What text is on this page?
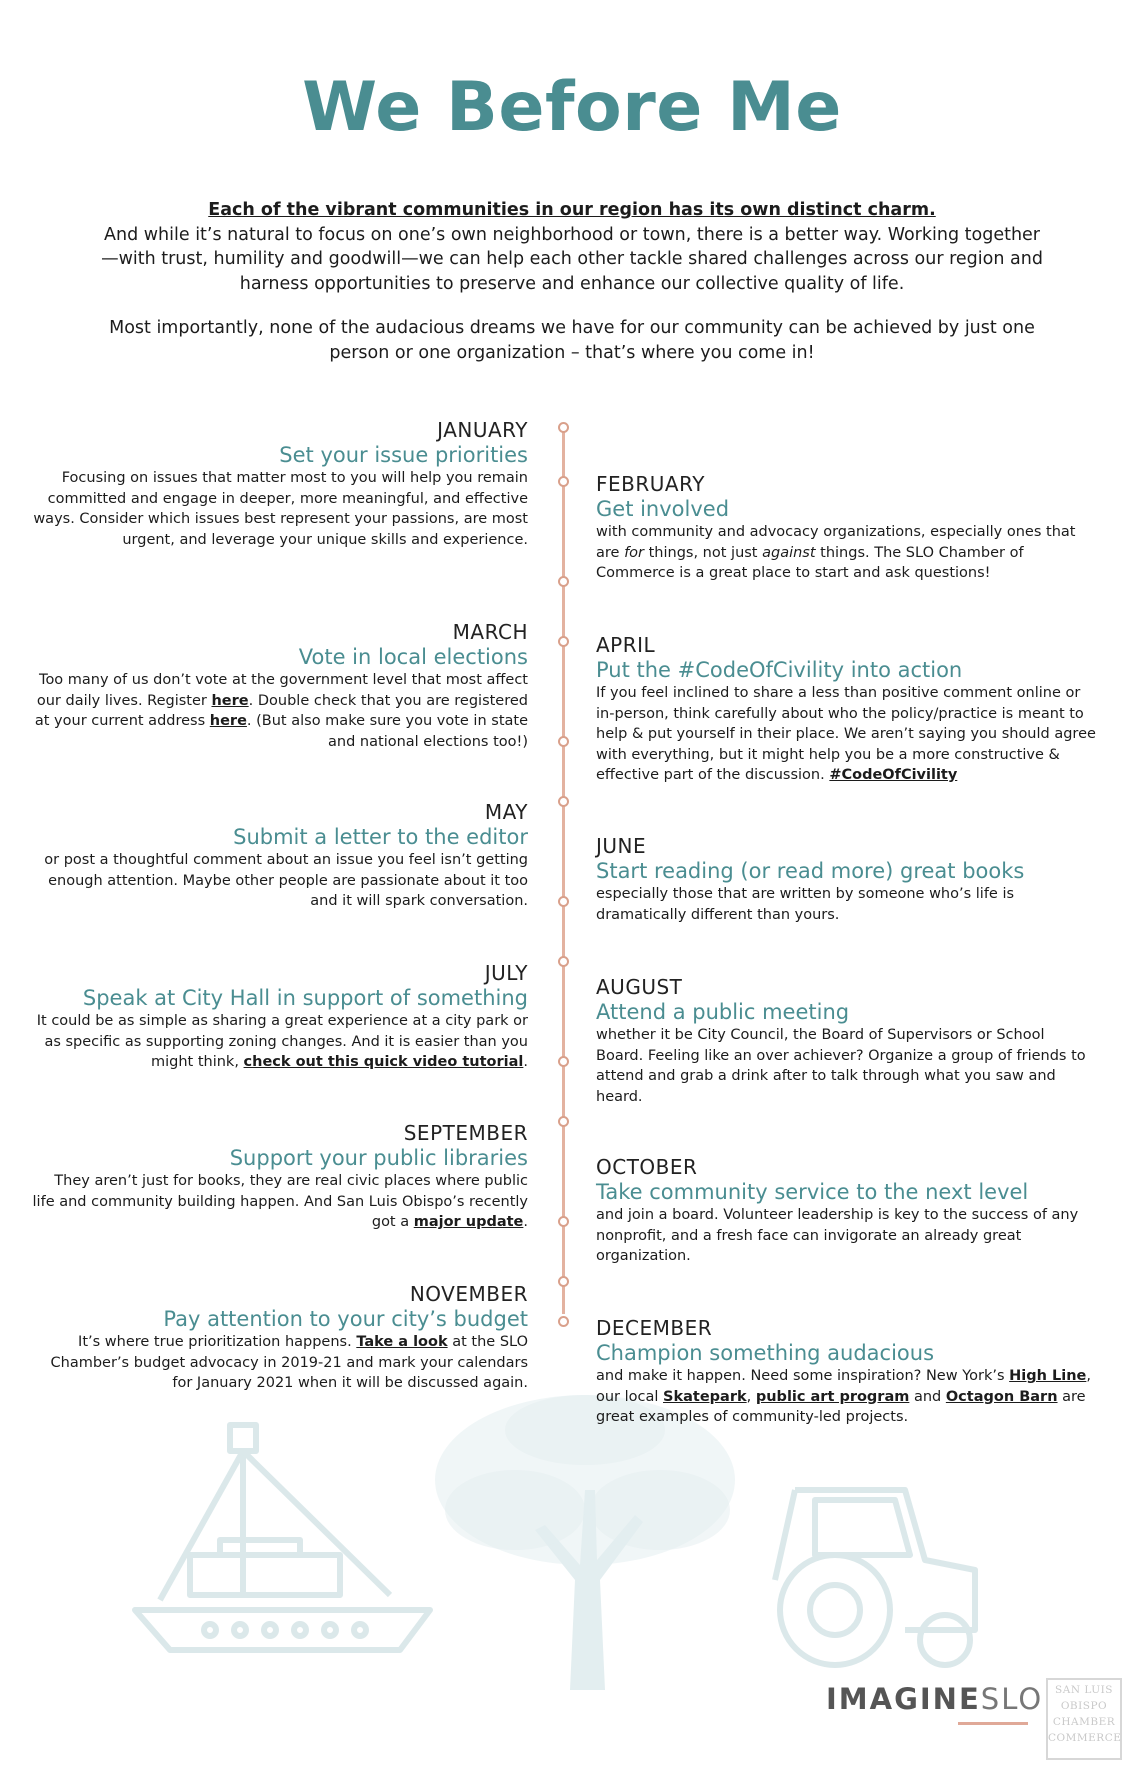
We Before Me

Each of the vibrant communities in our region has its own distinct charm.

And while it’s natural to focus on one’s own neighborhood or town, there is a better way. Working together—with trust, humility and goodwill—we can help each other tackle shared challenges across our region and harness opportunities to preserve and enhance our collective quality of life.

Most importantly, none of the audacious dreams we have for our community can be achieved by just one person or one organization – that’s where you come in!

JANUARY

Set your issue priorities

Focusing on issues that matter most to you will help you remain committed and engage in deeper, more meaningful, and effective ways. Consider which issues best represent your passions, are most urgent, and leverage your unique skills and experience.

FEBRUARY

Get involved

with community and advocacy organizations, especially ones that are for things, not just against things. The SLO Chamber of Commerce is a great place to start and ask questions!

MARCH

Vote in local elections

Too many of us don’t vote at the government level that most affect our daily lives. Register here. Double check that you are registered at your current address here. (But also make sure you vote in state and national elections too!)

APRIL

Put the #CodeOfCivility into action

If you feel inclined to share a less than positive comment online or in-person, think carefully about who the policy/practice is meant to help & put yourself in their place. We aren’t saying you should agree with everything, but it might help you be a more constructive & effective part of the discussion. #CodeOfCivility

MAY

Submit a letter to the editor

or post a thoughtful comment about an issue you feel isn’t getting enough attention. Maybe other people are passionate about it too and it will spark conversation.

JUNE

Start reading (or read more) great books

especially those that are written by someone who’s life is dramatically different than yours.

JULY

Speak at City Hall in support of something

It could be as simple as sharing a great experience at a city park or as specific as supporting zoning changes. And it is easier than you might think, check out this quick video tutorial.

AUGUST

Attend a public meeting

whether it be City Council, the Board of Supervisors or School Board. Feeling like an over achiever? Organize a group of friends to attend and grab a drink after to talk through what you saw and heard.

SEPTEMBER

Support your public libraries

They aren’t just for books, they are real civic places where public life and community building happen. And San Luis Obispo’s recently got a major update.

OCTOBER

Take community service to the next level

and join a board. Volunteer leadership is key to the success of any nonprofit, and a fresh face can invigorate an already great organization.

NOVEMBER

Pay attention to your city’s budget

It’s where true prioritization happens. Take a look at the SLO Chamber’s budget advocacy in 2019-21 and mark your calendars for January 2021 when it will be discussed again.

DECEMBER

Champion something audacious

and make it happen. Need some inspiration? New York’s High Line, our local Skatepark, public art program and Octagon Barn are great examples of community-led projects.

IMAGINESLO	SAN LUIS
OBISPO
CHAMBER
COMMERCE
